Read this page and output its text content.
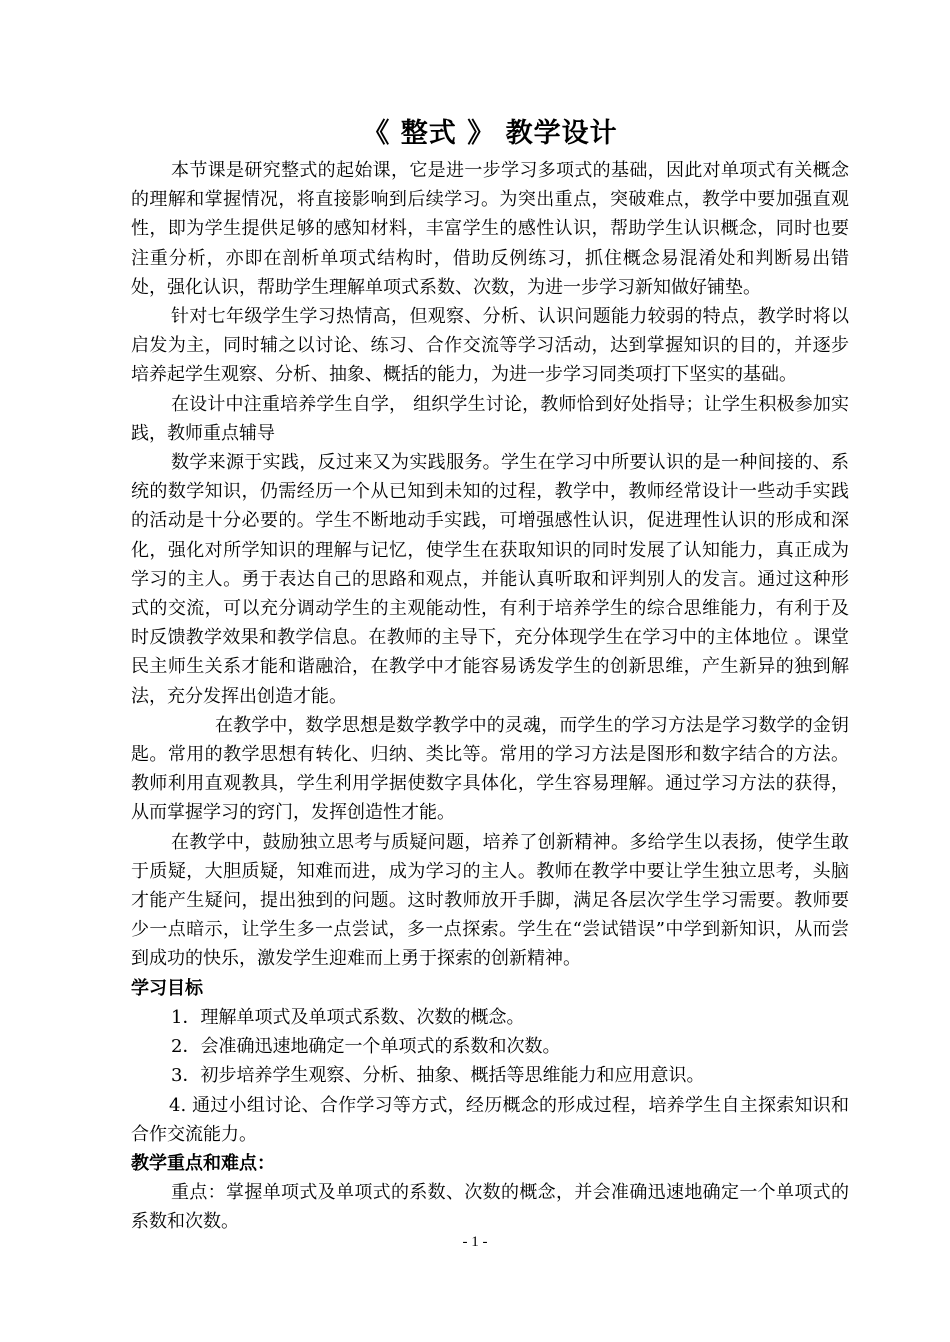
《 整式 》 教学设计

本节课是研究整式的起始课，它是进一步学习多项式的基础，因此对单项式有关概念的理解和掌握情况，将直接影响到后续学习。为突出重点，突破难点，教学中要加强直观性，即为学生提供足够的感知材料，丰富学生的感性认识，帮助学生认识概念，同时也要注重分析，亦即在剖析单项式结构时，借助反例练习，抓住概念易混淆处和判断易出错处，强化认识，帮助学生理解单项式系数、次数，为进一步学习新知做好铺垫。

针对七年级学生学习热情高，但观察、分析、认识问题能力较弱的特点，教学时将以启发为主，同时辅之以讨论、练习、合作交流等学习活动，达到掌握知识的目的，并逐步培养起学生观察、分析、抽象、概括的能力，为进一步学习同类项打下坚实的基础。

在设计中注重培养学生自学， 组织学生讨论，教师恰到好处指导；让学生积极参加实践，教师重点辅导

数学来源于实践，反过来又为实践服务。学生在学习中所要认识的是一种间接的、系统的数学知识，仍需经历一个从已知到未知的过程，教学中，教师经常设计一些动手实践的活动是十分必要的。学生不断地动手实践，可增强感性认识，促进理性认识的形成和深化，强化对所学知识的理解与记忆，使学生在获取知识的同时发展了认知能力，真正成为学习的主人。勇于表达自己的思路和观点，并能认真听取和评判别人的发言。通过这种形式的交流，可以充分调动学生的主观能动性，有利于培养学生的综合思维能力，有利于及时反馈教学效果和教学信息。在教师的主导下，充分体现学生在学习中的主体地位 。课堂民主师生关系才能和谐融洽，在教学中才能容易诱发学生的创新思维，产生新异的独到解法，充分发挥出创造才能。

在教学中，数学思想是数学教学中的灵魂，而学生的学习方法是学习数学的金钥匙。常用的教学思想有转化、归纳、类比等。常用的学习方法是图形和数字结合的方法。教师利用直观教具，学生利用学据使数字具体化，学生容易理解。通过学习方法的获得，从而掌握学习的窍门，发挥创造性才能。

在教学中，鼓励独立思考与质疑问题，培养了创新精神。多给学生以表扬，使学生敢于质疑，大胆质疑，知难而进，成为学习的主人。教师在教学中要让学生独立思考，头脑才能产生疑问，提出独到的问题。这时教师放开手脚，满足各层次学生学习需要。教师要少一点暗示，让学生多一点尝试，多一点探索。学生在“尝试错误”中学到新知识，从而尝到成功的快乐，激发学生迎难而上勇于探索的创新精神。

学习目标

1．理解单项式及单项式系数、次数的概念。

2．会准确迅速地确定一个单项式的系数和次数。

3．初步培养学生观察、分析、抽象、概括等思维能力和应用意识。

4. 通过小组讨论、合作学习等方式，经历概念的形成过程，培养学生自主探索知识和合作交流能力。

教学重点和难点：

重点：掌握单项式及单项式的系数、次数的概念，并会准确迅速地确定一个单项式的系数和次数。

- 1 -
